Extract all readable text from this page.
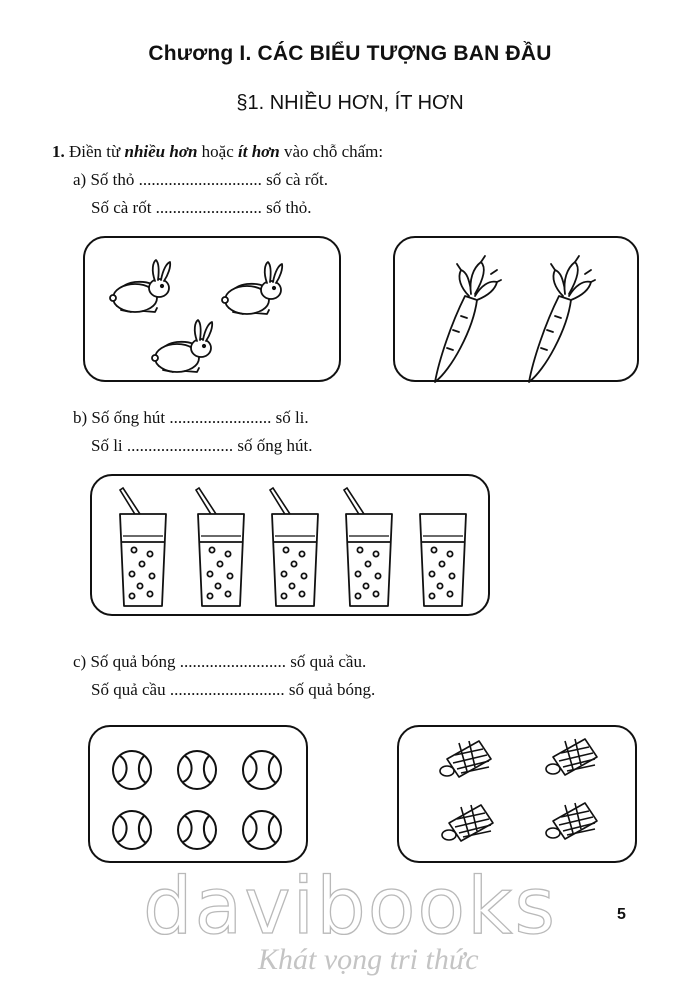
Chương I. CÁC BIỂU TƯỢNG BAN ĐẦU
§1. NHIỀU HƠN, ÍT HƠN
1. Điền từ nhiều hơn hoặc ít hơn vào chỗ chấm:
a) Số thỏ ............................. số cà rốt.
Số cà rốt ......................... số thỏ.
b) Số ống hút ........................ số li.
Số li ......................... số ống hút.
c) Số quả bóng ......................... số quả cầu.
Số quả cầu ........................... số quả bóng.
5
davibooks
Khát vọng tri thức
